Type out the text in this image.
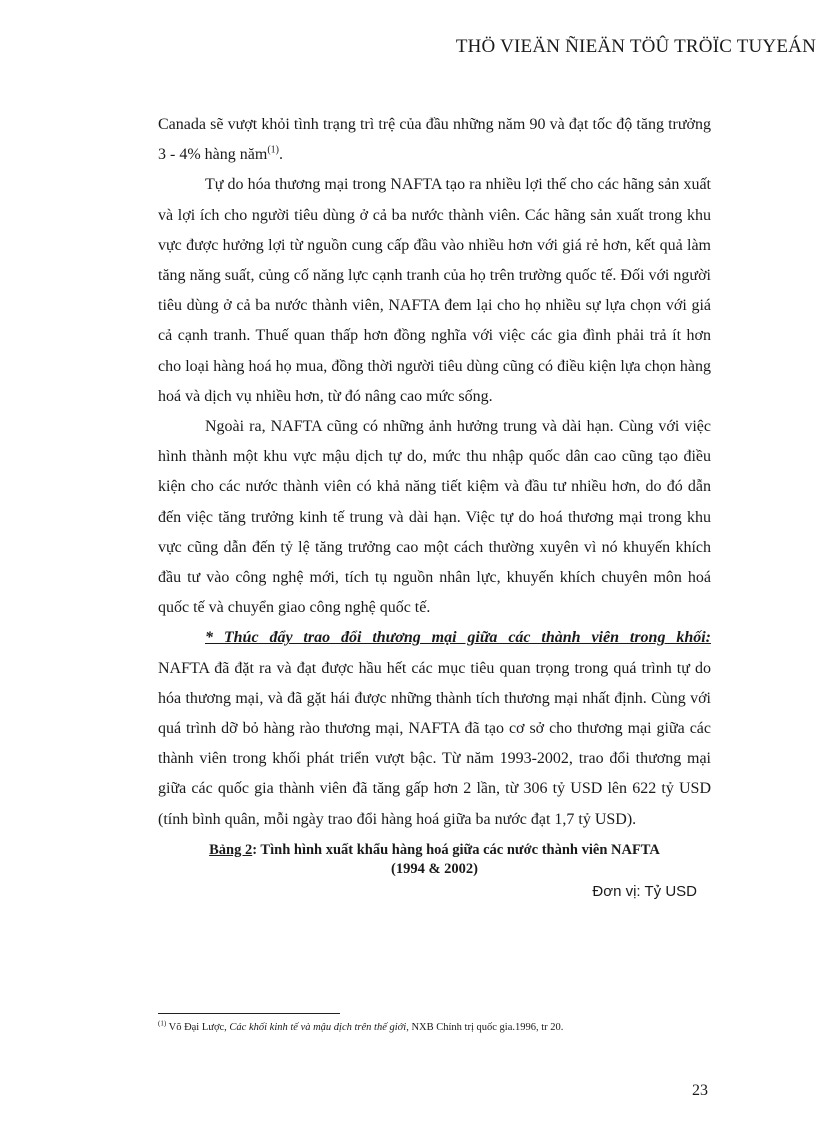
THÖ VIEÄN ÑIEÄN TÖÛ TRÖÏC TUYEÁN

Canada sẽ vượt khỏi tình trạng trì trệ của đầu những năm 90 và đạt tốc độ tăng trưởng 3 - 4% hàng năm$^{(1)}$.

Tự do hóa thương mại trong NAFTA tạo ra nhiều lợi thế cho các hãng sản xuất và lợi ích cho người tiêu dùng ở cả ba nước thành viên. Các hãng sản xuất trong khu vực được hưởng lợi từ nguồn cung cấp đầu vào nhiều hơn với giá rẻ hơn, kết quả làm tăng năng suất, củng cố năng lực cạnh tranh của họ trên trường quốc tế. Đối với người tiêu dùng ở cả ba nước thành viên, NAFTA đem lại cho họ nhiều sự lựa chọn với giá cả cạnh tranh. Thuế quan thấp hơn đồng nghĩa với việc các gia đình phải trả ít hơn cho loại hàng hoá họ mua, đồng thời người tiêu dùng cũng có điều kiện lựa chọn hàng hoá và dịch vụ nhiều hơn, từ đó nâng cao mức sống.

Ngoài ra, NAFTA cũng có những ảnh hưởng trung và dài hạn. Cùng với việc hình thành một khu vực mậu dịch tự do, mức thu nhập quốc dân cao cũng tạo điều kiện cho các nước thành viên có khả năng tiết kiệm và đầu tư nhiều hơn, do đó dẫn đến việc tăng trưởng kinh tế trung và dài hạn. Việc tự do hoá thương mại trong khu vực cũng dẫn đến tỷ lệ tăng trưởng cao một cách thường xuyên vì nó khuyến khích đầu tư vào công nghệ mới, tích tụ nguồn nhân lực, khuyến khích chuyên môn hoá quốc tế và chuyển giao công nghệ quốc tế.

* Thúc đẩy trao đổi thương mại giữa các thành viên trong khối:

NAFTA đã đặt ra và đạt được hầu hết các mục tiêu quan trọng trong quá trình tự do hóa thương mại, và đã gặt hái được những thành tích thương mại nhất định. Cùng với quá trình dỡ bỏ hàng rào thương mại, NAFTA đã tạo cơ sở cho thương mại giữa các thành viên trong khối phát triển vượt bậc. Từ năm 1993-2002, trao đổi thương mại giữa các quốc gia thành viên đã tăng gấp hơn 2 lần, từ 306 tỷ USD lên 622 tỷ USD (tính bình quân, mỗi ngày trao đổi hàng hoá giữa ba nước đạt 1,7 tỷ USD).

Bảng 2: Tình hình xuất khẩu hàng hoá giữa các nước thành viên NAFTA
(1994 & 2002)
Đơn vị: Tỷ USD
$^{(1)}$ Võ Đại Lược, Các khối kinh tế và mậu dịch trên thế giới, NXB Chính trị quốc gia.1996, tr 20.
23
